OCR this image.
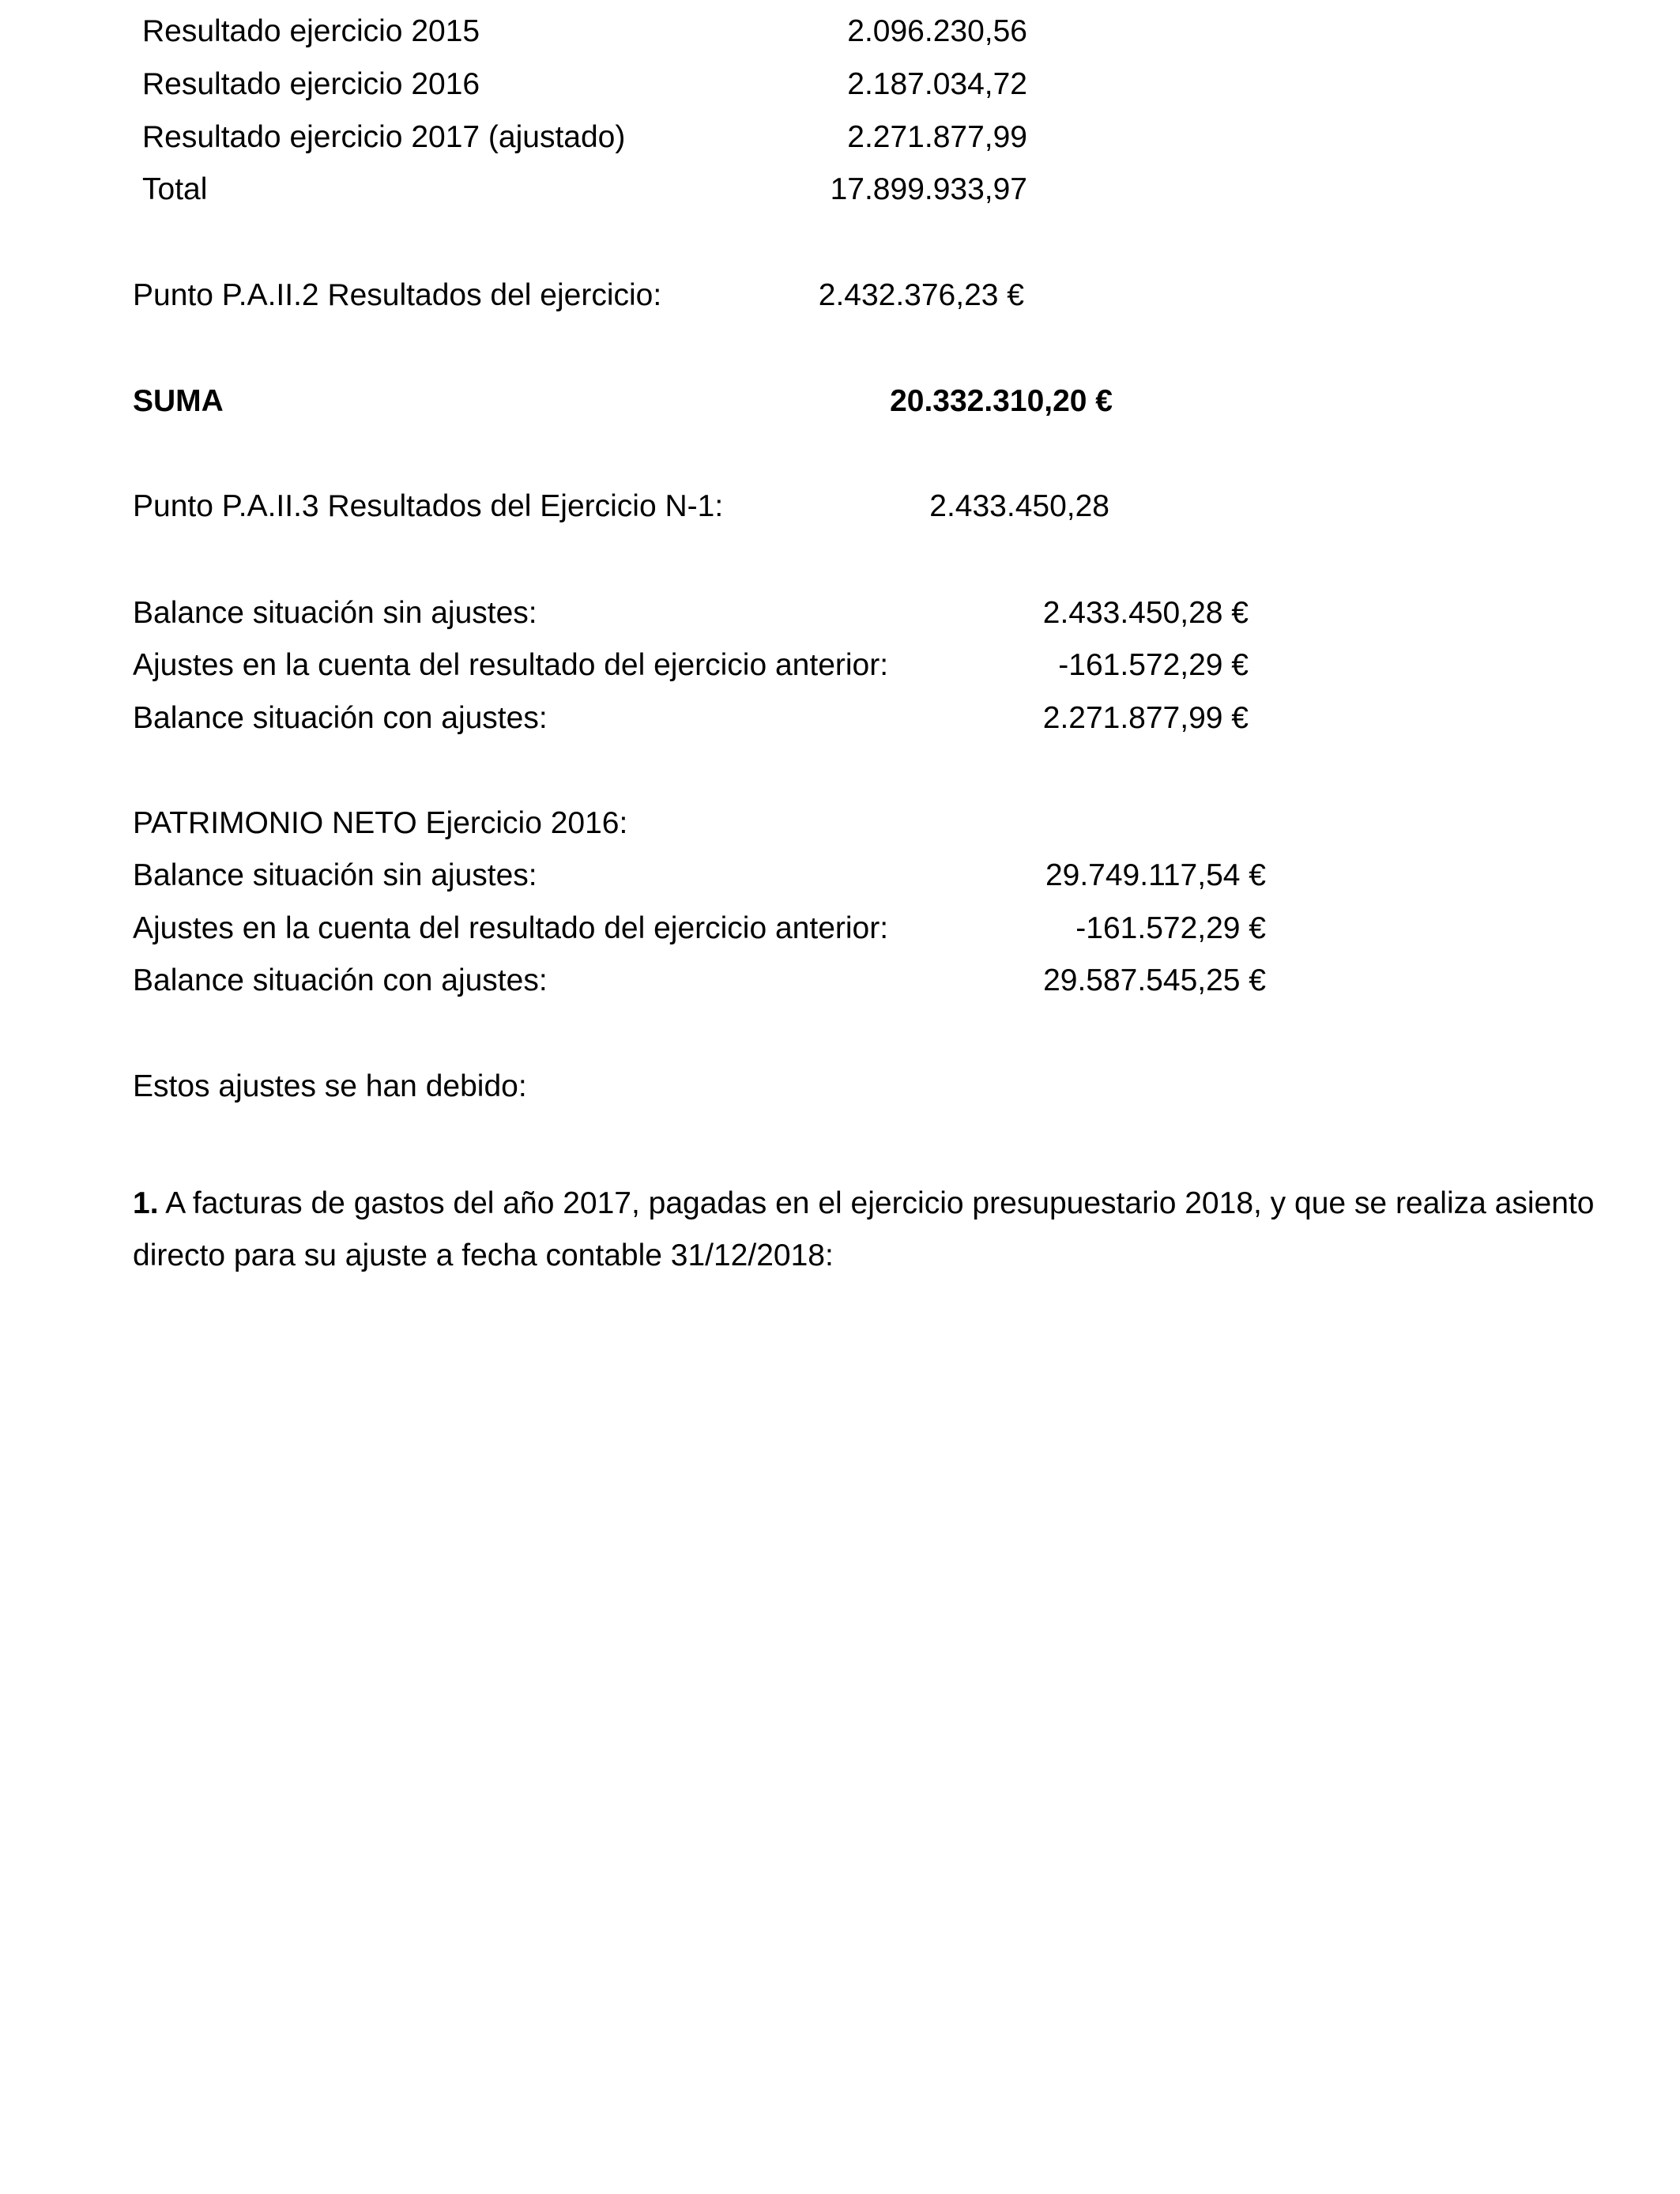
Resultado ejercicio 2015	2.096.230,56
Resultado ejercicio 2016	2.187.034,72
Resultado ejercicio 2017 (ajustado)	2.271.877,99
Total	17.899.933,97
Punto P.A.II.2 Resultados del ejercicio:	2.432.376,23 €
SUMA	20.332.310,20 €
Punto P.A.II.3 Resultados del Ejercicio N-1:	2.433.450,28
Balance situación sin ajustes:	2.433.450,28 €
Ajustes en la cuenta del resultado del ejercicio anterior:	-161.572,29 €
Balance situación con ajustes:	2.271.877,99 €
PATRIMONIO NETO Ejercicio 2016:
Balance situación sin ajustes:	29.749.117,54 €
Ajustes en la cuenta del resultado del ejercicio anterior:	-161.572,29 €
Balance situación con ajustes:	29.587.545,25 €
Estos ajustes se han debido:
1. A facturas de gastos del año 2017, pagadas en el ejercicio presupuestario 2018, y que se realiza asiento directo para su ajuste a fecha contable 31/12/2018:
